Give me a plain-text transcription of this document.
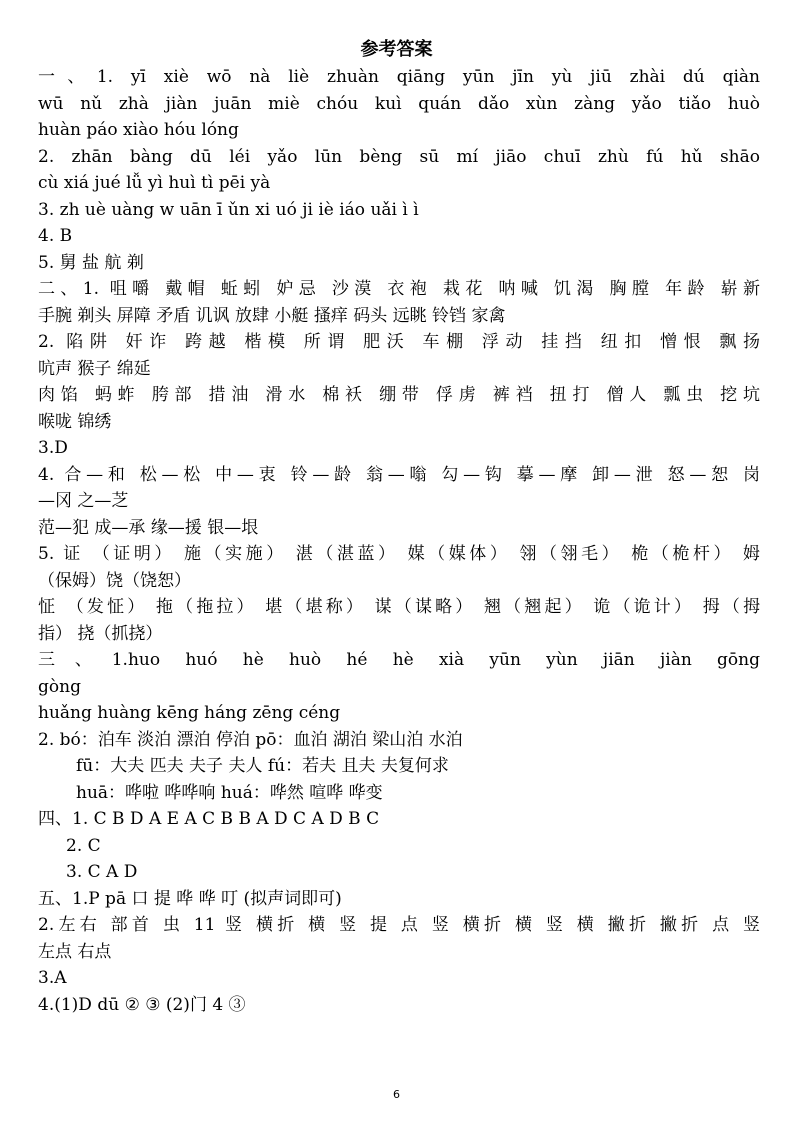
参考答案
一、1. yī xiè wō nà liè zhuàn qiāng yūn jīn yù jiū zhài dú qiàn
wū nǔ zhà jiàn juān miè chóu kuì quán dǎo xùn zàng yǎo tiǎo huò
huàn páo xiào hóu lóng
2. zhān bàng dū léi yǎo lūn bèng sū mí jiāo chuī zhù fú hǔ shāo
cù xiá jué lǚ yì huì tì pēi yà
3. zh uè uàng w uān ī ǔn xi uó ji iè iáo uǎi ì ì
4. B
5. 舅 盐 航 剃
二、1. 咀嚼 戴帽 蚯蚓 妒忌 沙漠 衣袍 栽花 呐喊 饥渴 胸膛 年龄 崭新
手腕 剃头 屏障 矛盾 讥讽 放肆 小艇 搔痒 码头 远眺 铃铛 家禽
2. 陷阱 奸诈 跨越 楷模 所谓 肥沃 车棚 浮动 挂挡 纽扣 憎恨 飘扬
吭声 猴子 绵延
肉馅 蚂蚱 胯部 措油 滑水 棉袄 绷带 俘虏 裤裆 扭打 僧人 瓢虫 挖坑
喉咙 锦绣
3.D
4. 合—和 松—松 中—衷 铃—龄 翁—嗡 勾—钩 摹—摩 卸—泄 怒—恕 岗
—冈 之—芝
范—犯 成—承 缘—援 银—垠
5. 证 （证明） 施（实施） 湛（湛蓝） 媒（媒体） 翎（翎毛） 桅（桅杆） 姆
（保姆）饶（饶恕）
怔 （发怔） 拖（拖拉） 堪（堪称） 谋（谋略） 翘（翘起） 诡（诡计） 拇（拇
指） 挠（抓挠）
三、1.huo huó hè huò hé hè xià yūn yùn jiān jiàn gōng
gòng
huǎng huàng kēng háng zēng céng
2. bó：泊车 淡泊 漂泊 停泊 pō：血泊 湖泊 梁山泊 水泊
fū：大夫 匹夫 夫子 夫人 fú：若夫 且夫 夫复何求
huā：哗啦 哗哗响 huá：哗然 喧哗 哗变
四、1. C B D A E A C B B A D C A D B C
2. C
3. C A D
五、1.P pā 口 提 哗 哗 叮 (拟声词即可)
2.左右 部首 虫 11 竖 横折 横 竖 提 点 竖 横折 横 竖 横 撇折 撇折 点 竖
左点 右点
3.A
4.(1)D dū ② ③ (2)门 4 ③
6
